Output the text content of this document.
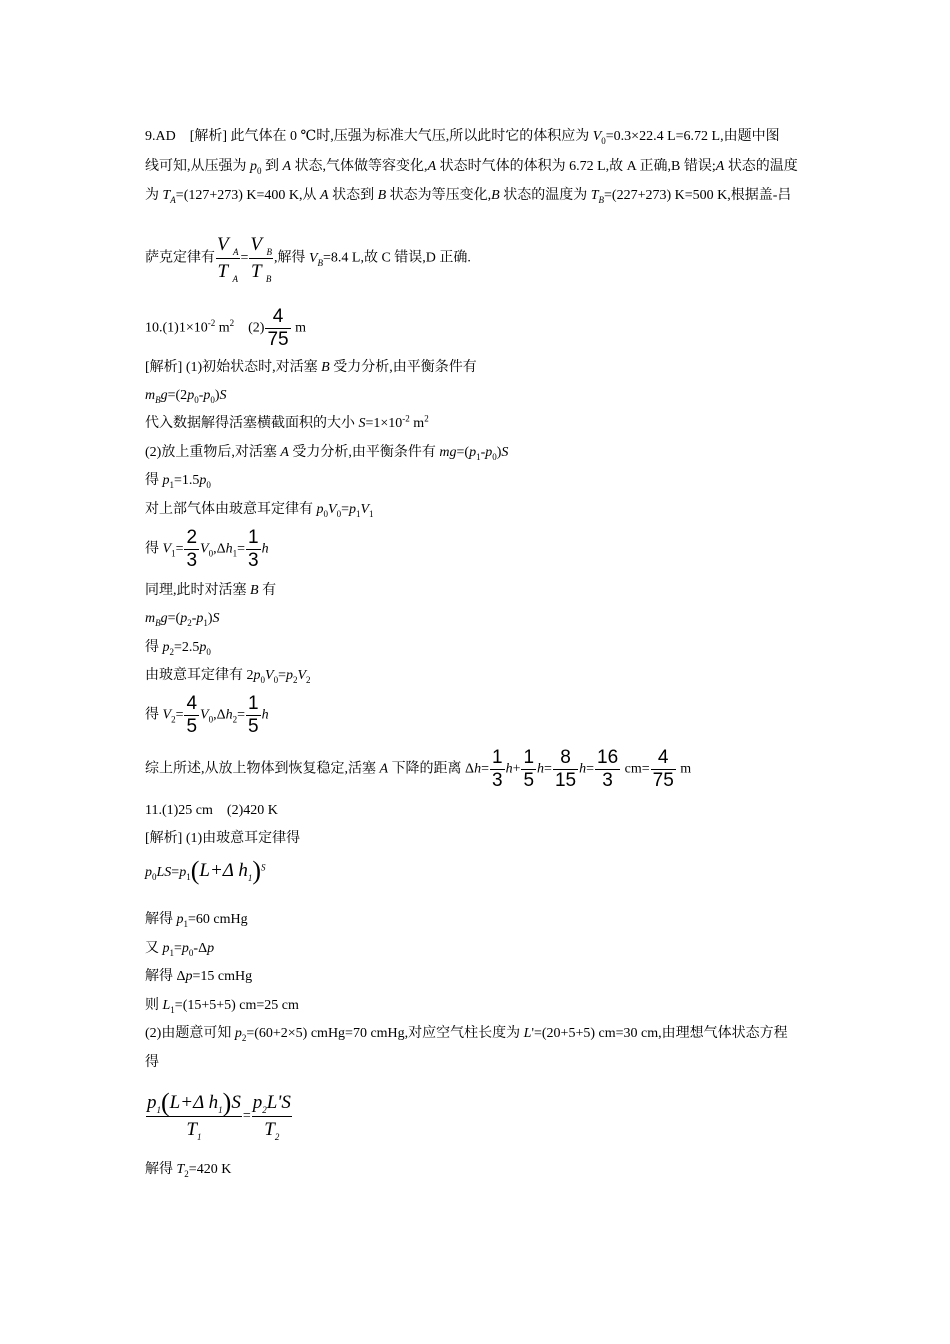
9.AD [解析] 此气体在 0 ℃时,压强为标准大气压,所以此时它的体积应为 $V_0=0.3\times 22.4$ L=6.72 L,由题中图
线可知,从压强为 $p_0$ 到 A 状态,气体做等容变化,A 状态时气体的体积为 6.72 L,故 A 正确,B 错误;A 状态的温度
为 $T_A=(127+273)$ K=400 K,从 A 状态到 B 状态为等压变化,B 状态的温度为 $T_B=(227+273)$ K=500 K,根据盖-吕
萨克定律有 $\frac{V _A}{T _A} = \frac{V _B}{T _B}$ ,解得 $V_B=8.4$ L,故 C 错误,D 正确.
$10.(1)1\times 10^{-2}$ $m^2$ $(2) \frac{4}{75}$ m
[解析] (1)初始状态时,对活塞 B 受力分析,由平衡条件有
$m_Bg=(2p_0-p_0)S$
代入数据解得活塞横截面积的大小 $S=1\times 10^{-2}$ $m^2$
(2)放上重物后,对活塞 A 受力分析,由平衡条件有 $mg=(p_1-p_0)S$
得 $p_1=1.5p_0$
对上部气体由玻意耳定律有 $p_0V_0=p_1V_1$
得 $V_1= \frac{2}{3} V_0,\Delta h_1= \frac{1}{3}$ h
同理,此时对活塞 B 有
$m_Bg=(p_2-p_1)S$
得 $p_2=2.5p_0$
由玻意耳定律有 $2p_0V_0=p_2V_2$
得 $V_2= \frac{4}{5} V_0,\Delta h_2= \frac{1}{5}$ h
综上所述,从放上物体到恢复稳定,活塞 A 下降的距离 $\Delta h= \frac{1}{3} h+ \frac{1}{5} h= \frac{8}{15} h= \frac{16}{3} cm= \frac{4}{75}$ m
11.(1)25 cm (2)420 K
[解析] (1)由玻意耳定律得
$p_0LS=p_1(L+\Delta$ $h_1)^S$
解得 $p_1=60$ cmHg
又 $p_1=p_0-\Delta p$
解得 Δp=15 cmHg
则 $L_1=(15+5+5)$ cm=25 cm
(2)由题意可知 $p_2=(60+2\times 5)$ cmHg=70 cmHg,对应空气柱长度为 L'=(20+5+5) cm=30 cm,由理想气体状态方程
得
$\frac{p_1(L+\Delta h_1)S}{T_1} = \frac{p_2L'S}{T_2}$
解得 $T_2=420$ K
